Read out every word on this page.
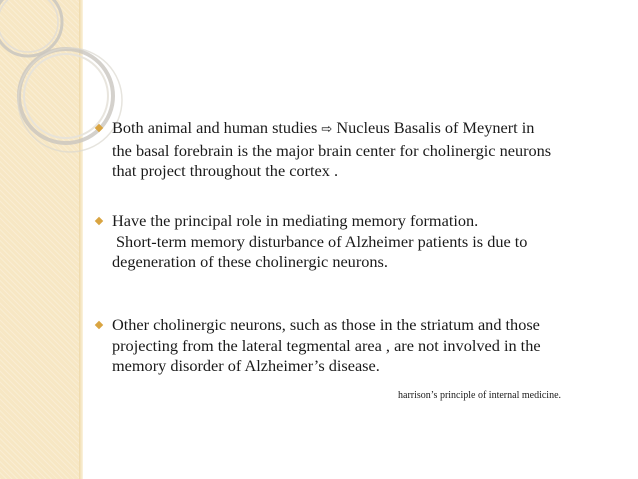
Both animal and human studies ⇨ Nucleus Basalis of Meynert in
the basal forebrain is the major brain center for cholinergic neurons
that project throughout the cortex .
Have the principal role in mediating memory formation.
Short-term memory disturbance of Alzheimer patients is due to
degeneration of these cholinergic neurons.
Other cholinergic neurons, such as those in the striatum and those
projecting from the lateral tegmental area , are not involved in the
memory disorder of Alzheimer’s disease.
harrison’s principle of internal medicine.
